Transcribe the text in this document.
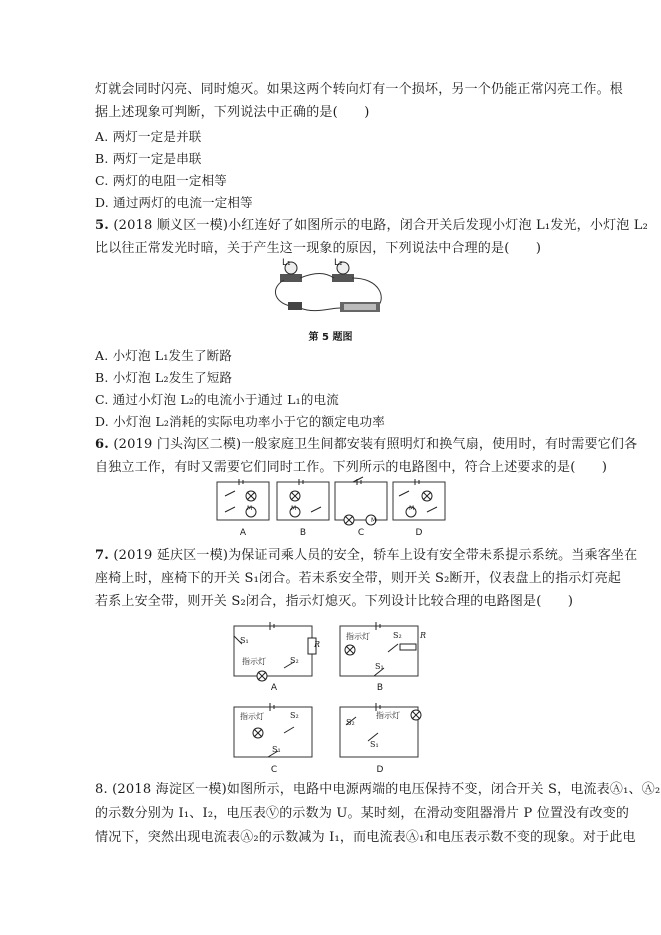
灯就会同时闪亮、同时熄灭。如果这两个转向灯有一个损坏，另一个仍能正常闪亮工作。根
据上述现象可判断，下列说法中正确的是(　　)
A. 两灯一定是并联
B. 两灯一定是串联
C. 两灯的电阻一定相等
D. 通过两灯的电流一定相等
5. (2018 顺义区一模)小红连好了如图所示的电路，闭合开关后发现小灯泡 L₁发光，小灯泡 L₂
比以往正常发光时暗，关于产生这一现象的原因，下列说法中合理的是(　　)
L₁	L₂
第 5 题图
A. 小灯泡 L₁发生了断路
B. 小灯泡 L₂发生了短路
C. 通过小灯泡 L₂的电流小于通过 L₁的电流
D. 小灯泡 L₂消耗的实际电功率小于它的额定电功率
6. (2019 门头沟区二模)一般家庭卫生间都安装有照明灯和换气扇，使用时，有时需要它们各
自独立工作，有时又需要它们同时工作。下列所示的电路图中，符合上述要求的是(　　)
M	M
M
M
A	B	C	D
7. (2019 延庆区一模)为保证司乘人员的安全，轿车上设有安全带未系提示系统。当乘客坐在
座椅上时，座椅下的开关 S₁闭合。若未系安全带，则开关 S₂断开，仪表盘上的指示灯亮起
若系上安全带，则开关 S₂闭合，指示灯熄灭。下列设计比较合理的电路图是(　　)
S₁	R
指示灯	S₂
A
指示灯	S₂ R
S₁
B
指示灯	S₂
S₁
C
S₂
指示灯
S₁
D
8. (2018 海淀区一模)如图所示，电路中电源两端的电压保持不变，闭合开关 S，电流表Ⓐ₁、Ⓐ₂
的示数分别为 I₁、I₂，电压表Ⓥ的示数为 U。某时刻，在滑动变阻器滑片 P 位置没有改变的
情况下，突然出现电流表Ⓐ₂的示数减为 I₁，而电流表Ⓐ₁和电压表示数不变的现象。对于此电
